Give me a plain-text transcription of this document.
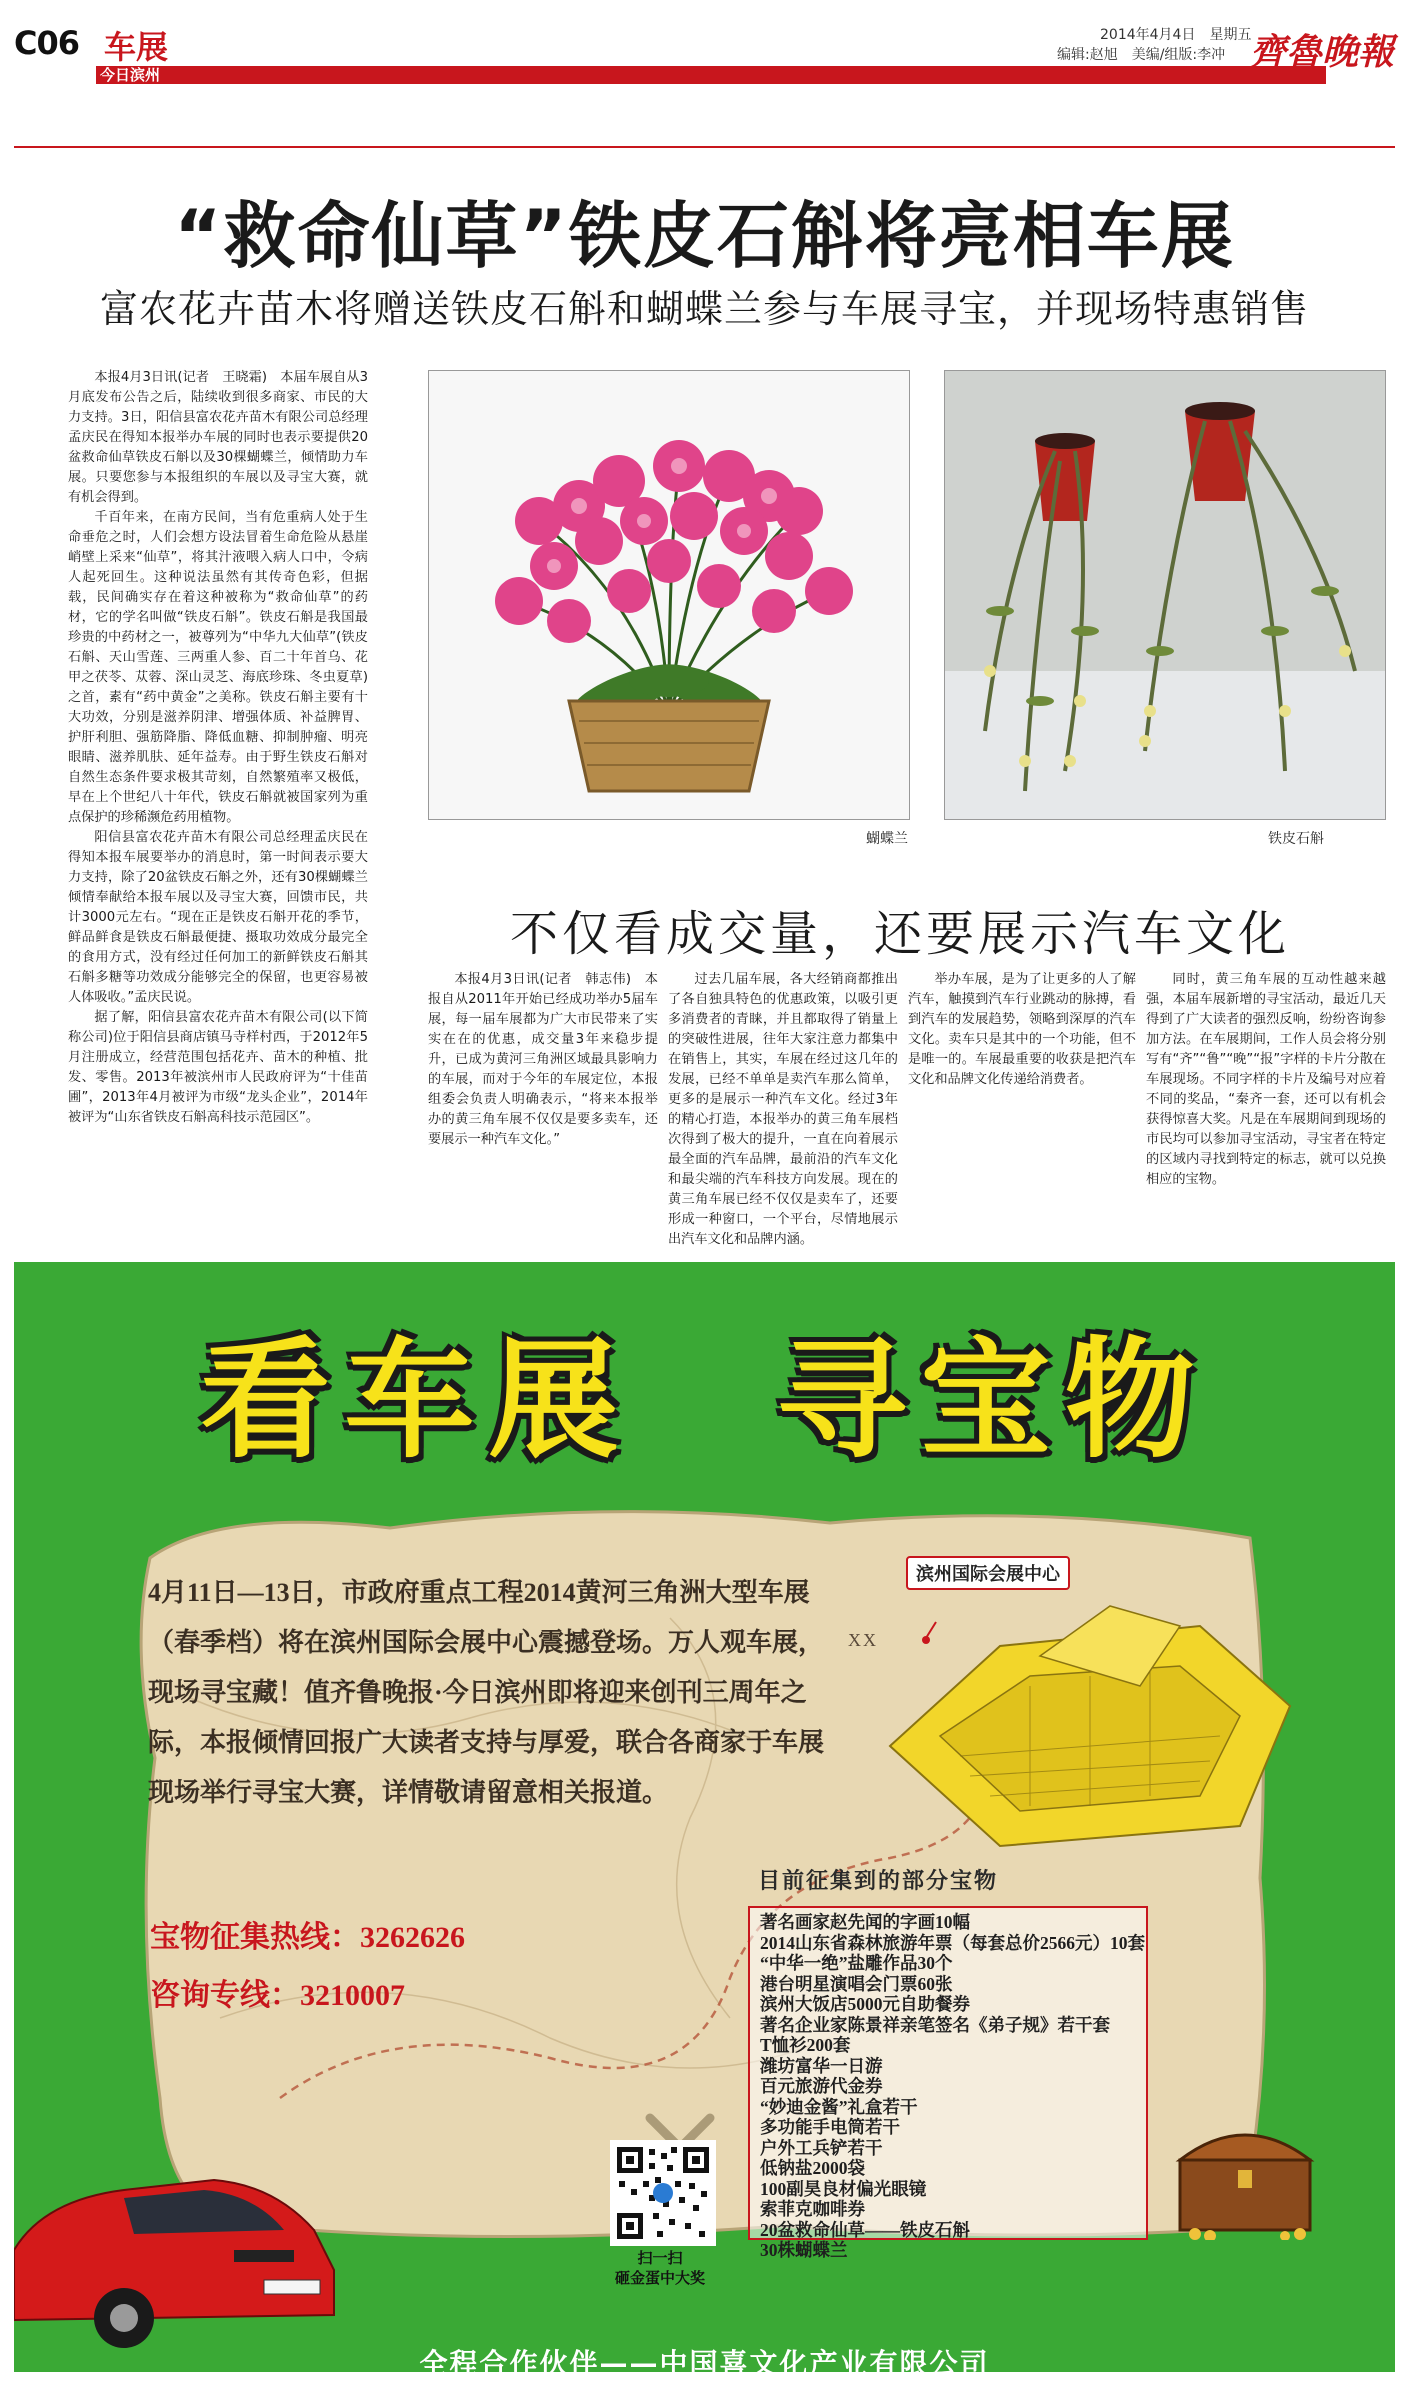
C06 车展
今日滨州
2014年4月4日　星期五
编辑:赵旭　美编/组版:李冲 齊魯晚報
“救命仙草”铁皮石斛将亮相车展
富农花卉苗木将赠送铁皮石斛和蝴蝶兰参与车展寻宝，并现场特惠销售

本报4月3日讯(记者　王晓霜)　本届车展自从3月底发布公告之后，陆续收到很多商家、市民的大力支持。3日，阳信县富农花卉苗木有限公司总经理孟庆民在得知本报举办车展的同时也表示要提供20盆救命仙草铁皮石斛以及30棵蝴蝶兰，倾情助力车展。只要您参与本报组织的车展以及寻宝大赛，就有机会得到。

千百年来，在南方民间，当有危重病人处于生命垂危之时，人们会想方设法冒着生命危险从悬崖峭壁上采来“仙草”，将其汁液喂入病人口中，令病人起死回生。这种说法虽然有其传奇色彩，但据载，民间确实存在着这种被称为“救命仙草”的药材，它的学名叫做“铁皮石斛”。铁皮石斛是我国最珍贵的中药材之一，被尊列为“中华九大仙草”(铁皮石斛、天山雪莲、三两重人参、百二十年首乌、花甲之茯苓、苁蓉、深山灵芝、海底珍珠、冬虫夏草)之首，素有“药中黄金”之美称。铁皮石斛主要有十大功效，分别是滋养阴津、增强体质、补益脾胃、护肝利胆、强筋降脂、降低血糖、抑制肿瘤、明亮眼睛、滋养肌肤、延年益寿。由于野生铁皮石斛对自然生态条件要求极其苛刻，自然繁殖率又极低，早在上个世纪八十年代，铁皮石斛就被国家列为重点保护的珍稀濒危药用植物。

阳信县富农花卉苗木有限公司总经理孟庆民在得知本报车展要举办的消息时，第一时间表示要大力支持，除了20盆铁皮石斛之外，还有30棵蝴蝶兰倾情奉献给本报车展以及寻宝大赛，回馈市民，共计3000元左右。“现在正是铁皮石斛开花的季节，鲜品鲜食是铁皮石斛最便捷、摄取功效成分最完全的食用方式，没有经过任何加工的新鲜铁皮石斛其石斛多糖等功效成分能够完全的保留，也更容易被人体吸收。”孟庆民说。

据了解，阳信县富农花卉苗木有限公司(以下简称公司)位于阳信县商店镇马寺样村西，于2012年5月注册成立，经营范围包括花卉、苗木的种植、批发、零售。2013年被滨州市人民政府评为“十佳苗圃”，2013年4月被评为市级“龙头企业”，2014年被评为“山东省铁皮石斛高科技示范园区”。

蝴蝶兰	铁皮石斛
不仅看成交量，还要展示汽车文化

本报4月3日讯(记者　韩志伟)　本报自从2011年开始已经成功举办5届车展，每一届车展都为广大市民带来了实实在在的优惠，成交量3年来稳步提升，已成为黄河三角洲区域最具影响力的车展，而对于今年的车展定位，本报组委会负责人明确表示，“将来本报举办的黄三角车展不仅仅是要多卖车，还要展示一种汽车文化。”

过去几届车展，各大经销商都推出了各自独具特色的优惠政策，以吸引更多消费者的青睐，并且都取得了销量上的突破性进展，往年大家注意力都集中在销售上，其实，车展在经过这几年的发展，已经不单单是卖汽车那么简单，更多的是展示一种汽车文化。经过3年的精心打造，本报举办的黄三角车展档次得到了极大的提升，一直在向着展示最全面的汽车品牌，最前沿的汽车文化和最尖端的汽车科技方向发展。现在的黄三角车展已经不仅仅是卖车了，还要形成一种窗口，一个平台，尽情地展示出汽车文化和品牌内涵。

举办车展，是为了让更多的人了解汽车，触摸到汽车行业跳动的脉搏，看到汽车的发展趋势，领略到深厚的汽车文化。卖车只是其中的一个功能，但不是唯一的。车展最重要的收获是把汽车文化和品牌文化传递给消费者。

同时，黄三角车展的互动性越来越强，本届车展新增的寻宝活动，最近几天得到了广大读者的强烈反响，纷纷咨询参加方法。在车展期间，工作人员会将分别写有“齐”“鲁”“晚”“报”字样的卡片分散在车展现场。不同字样的卡片及编号对应着不同的奖品，“秦齐一套，还可以有机会获得惊喜大奖。凡是在车展期间到现场的市民均可以参加寻宝活动，寻宝者在特定的区域内寻找到特定的标志，就可以兑换相应的宝物。

看车展　寻宝物
滨州国际会展中心
XX
4月11日—13日，市政府重点工程2014黄河三角洲大型车展（春季档）将在滨州国际会展中心震撼登场。万人观车展，现场寻宝藏！值齐鲁晚报·今日滨州即将迎来创刊三周年之际，本报倾情回报广大读者支持与厚爱，联合各商家于车展现场举行寻宝大赛，详情敬请留意相关报道。
宝物征集热线：3262626
咨询专线：3210007
目前征集到的部分宝物
著名画家赵先闻的字画10幅
2014山东省森林旅游年票（每套总价2566元）10套
“中华一绝”盐雕作品30个
港台明星演唱会门票60张
滨州大饭店5000元自助餐券
著名企业家陈景祥亲笔签名《弟子规》若干套
T恤衫200套
潍坊富华一日游
百元旅游代金券
“妙迪金酱”礼盒若干
多功能手电筒若干
户外工兵铲若干
低钠盐2000袋
100副昊良材偏光眼镜
索菲克咖啡券
20盆救命仙草——铁皮石斛
30株蝴蝶兰
扫一扫
砸金蛋中大奖
全程合作伙伴——中国喜文化产业有限公司
